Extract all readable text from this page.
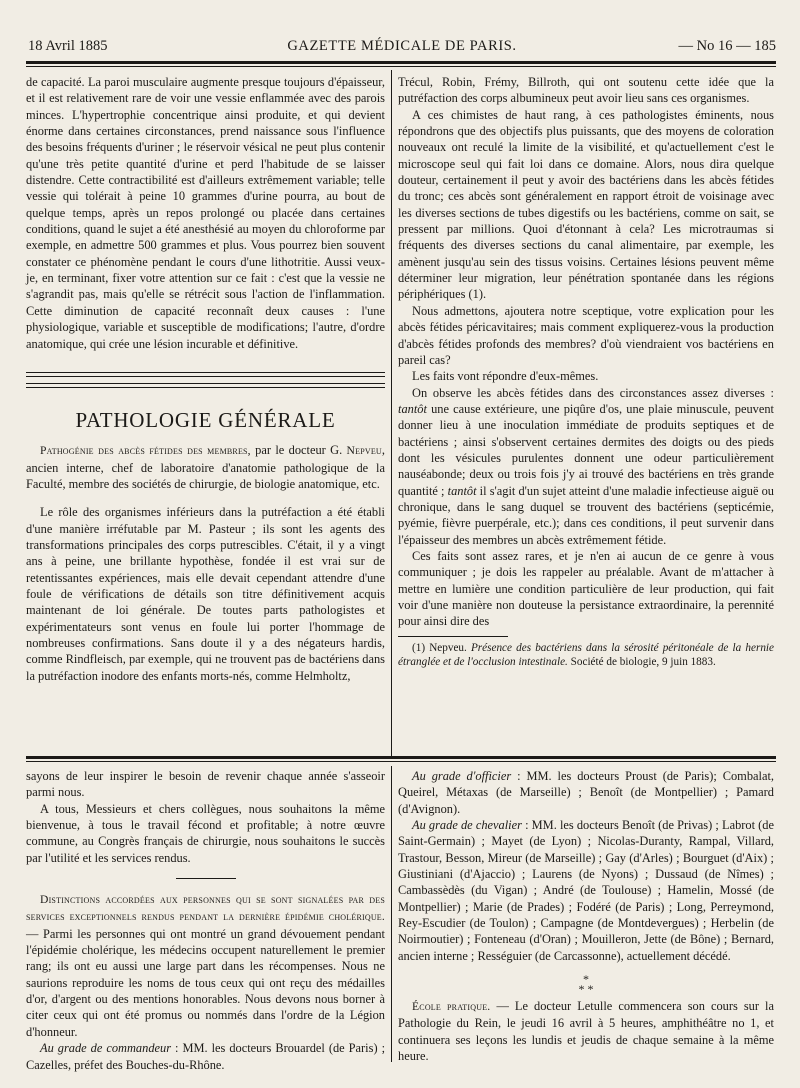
18 Avril 1885	GAZETTE MÉDICALE DE PARIS.	— No 16 — 185

de capacité. La paroi musculaire augmente presque toujours d'épaisseur, et il est relativement rare de voir une vessie enflammée avec des parois minces. L'hypertrophie concentrique ainsi produite, et qui devient énorme dans certaines circonstances, prend naissance sous l'influence des besoins fréquents d'uriner ; le réservoir vésical ne peut plus contenir qu'une très petite quantité d'urine et perd l'habitude de se laisser distendre. Cette contractibilité est d'ailleurs extrêmement variable; telle vessie qui tolérait à peine 10 grammes d'urine pourra, au bout de quelque temps, après un repos prolongé ou placée dans certaines conditions, quand le sujet a été anesthésié au moyen du chloroforme par exemple, en admettre 500 grammes et plus. Vous pourrez bien souvent constater ce phénomène pendant le cours d'une lithotritie. Aussi veux-je, en terminant, fixer votre attention sur ce fait : c'est que la vessie ne s'agrandit pas, mais qu'elle se rétrécit sous l'action de l'inflammation. Cette diminution de capacité reconnaît deux causes : l'une physiologique, variable et susceptible de modifications; l'autre, d'ordre anatomique, qui crée une lésion incurable et définitive.

PATHOLOGIE GÉNÉRALE

Pathogénie des abcès fétides des membres, par le docteur G. Nepveu, ancien interne, chef de laboratoire d'anatomie pathologique de la Faculté, membre des sociétés de chirurgie, de biologie anatomique, etc.

Le rôle des organismes inférieurs dans la putréfaction a été établi d'une manière irréfutable par M. Pasteur ; ils sont les agents des transformations principales des corps putrescibles. C'était, il y a vingt ans à peine, une brillante hypothèse, fondée il est vrai sur de retentissantes expériences, mais elle devait cependant attendre d'une foule de vérifications de détails son titre définitivement acquis maintenant de loi générale. De toutes parts pathologistes et expérimentateurs sont venus en foule lui porter l'hommage de nombreuses confirmations. Sans doute il y a des négateurs hardis, comme Rindfleisch, par exemple, qui ne trouvent pas de bactériens dans la putréfaction inodore des enfants morts-nés, comme Helmholtz,

Trécul, Robin, Frémy, Billroth, qui ont soutenu cette idée que la putréfaction des corps albumineux peut avoir lieu sans ces organismes.

A ces chimistes de haut rang, à ces pathologistes éminents, nous répondrons que des objectifs plus puissants, que des moyens de coloration nouveaux ont reculé la limite de la visibilité, et qu'actuellement c'est le microscope seul qui fait loi dans ce domaine. Alors, nous dira quelque douteur, certainement il peut y avoir des bactériens dans les abcès fétides du tronc; ces abcès sont généralement en rapport étroit de voisinage avec les diverses sections de tubes digestifs ou les bactériens, comme on sait, se pressent par millions. Quoi d'étonnant à cela? Les microtraumas si fréquents des diverses sections du canal alimentaire, par exemple, les amènent jusqu'au sein des tissus voisins. Certaines lésions peuvent même déterminer leur migration, leur pénétration spontanée dans les régions périphériques (1).

Nous admettons, ajoutera notre sceptique, votre explication pour les abcès fétides péricavitaires; mais comment expliquerez-vous la production d'abcès fétides profonds des membres? d'où viendraient vos bactériens en pareil cas?

Les faits vont répondre d'eux-mêmes.

On observe les abcès fétides dans des circonstances assez diverses : tantôt une cause extérieure, une piqûre d'os, une plaie minuscule, peuvent donner lieu à une inoculation immédiate de produits septiques et de bactériens ; ainsi s'observent certaines dermites des doigts ou des pieds dont les vésicules purulentes donnent une odeur particulièrement nauséabonde; deux ou trois fois j'y ai trouvé des bactériens en très grande quantité ; tantôt il s'agit d'un sujet atteint d'une maladie infectieuse aiguë ou chronique, dans le sang duquel se trouvent des bactériens (septicémie, pyémie, fièvre puerpérale, etc.); dans ces conditions, il peut survenir dans l'épaisseur des membres un abcès extrêmement fétide.

Ces faits sont assez rares, et je n'en ai aucun de ce genre à vous communiquer ; je dois les rappeler au préalable. Avant de m'attacher à mettre en lumière une condition particulière de leur production, qui fait voir d'une manière non douteuse la persistance extraordinaire, la perennité pour ainsi dire des

(1) Nepveu. Présence des bactériens dans la sérosité péritonéale de la hernie étranglée et de l'occlusion intestinale. Société de biologie, 9 juin 1883.

sayons de leur inspirer le besoin de revenir chaque année s'asseoir parmi nous.

A tous, Messieurs et chers collègues, nous souhaitons la même bienvenue, à tous le travail fécond et profitable; à notre œuvre commune, au Congrès français de chirurgie, nous souhaitons le succès par l'utilité et les services rendus.

Distinctions accordées aux personnes qui se sont signalées par des services exceptionnels rendus pendant la dernière épidémie cholérique. — Parmi les personnes qui ont montré un grand dévouement pendant l'épidémie cholérique, les médecins occupent naturellement le premier rang; ils ont eu aussi une large part dans les récompenses. Nous ne saurions reproduire les noms de tous ceux qui ont reçu des médailles d'or, d'argent ou des mentions honorables. Nous devons nous borner à citer ceux qui ont été promus ou nommés dans l'ordre de la Légion d'honneur.

Au grade de commandeur : MM. les docteurs Brouardel (de Paris) ; Cazelles, préfet des Bouches-du-Rhône.

Au grade d'officier : MM. les docteurs Proust (de Paris); Combalat, Queirel, Métaxas (de Marseille) ; Benoît (de Montpellier) ; Pamard (d'Avignon).

Au grade de chevalier : MM. les docteurs Benoît (de Privas) ; Labrot (de Saint-Germain) ; Mayet (de Lyon) ; Nicolas-Duranty, Rampal, Villard, Trastour, Besson, Mireur (de Marseille) ; Gay (d'Arles) ; Bourguet (d'Aix) ; Giustiniani (d'Ajaccio) ; Laurens (de Nyons) ; Dussaud (de Nîmes) ; Cambassèdès (du Vigan) ; André (de Toulouse) ; Hamelin, Mossé (de Montpellier) ; Marie (de Prades) ; Fodéré (de Paris) ; Long, Perreymond, Rey-Escudier (de Toulon) ; Campagne (de Montdevergues) ; Herbelin (de Noirmoutier) ; Fonteneau (d'Oran) ; Mouilleron, Jette (de Bône) ; Bernard, ancien interne ; Rességuier (de Carcassonne), actuellement décédé.

*
* *

École pratique. — Le docteur Letulle commencera son cours sur la Pathologie du Rein, le jeudi 16 avril à 5 heures, amphithéâtre no 1, et continuera ses leçons les lundis et jeudis de chaque semaine à la même heure.
